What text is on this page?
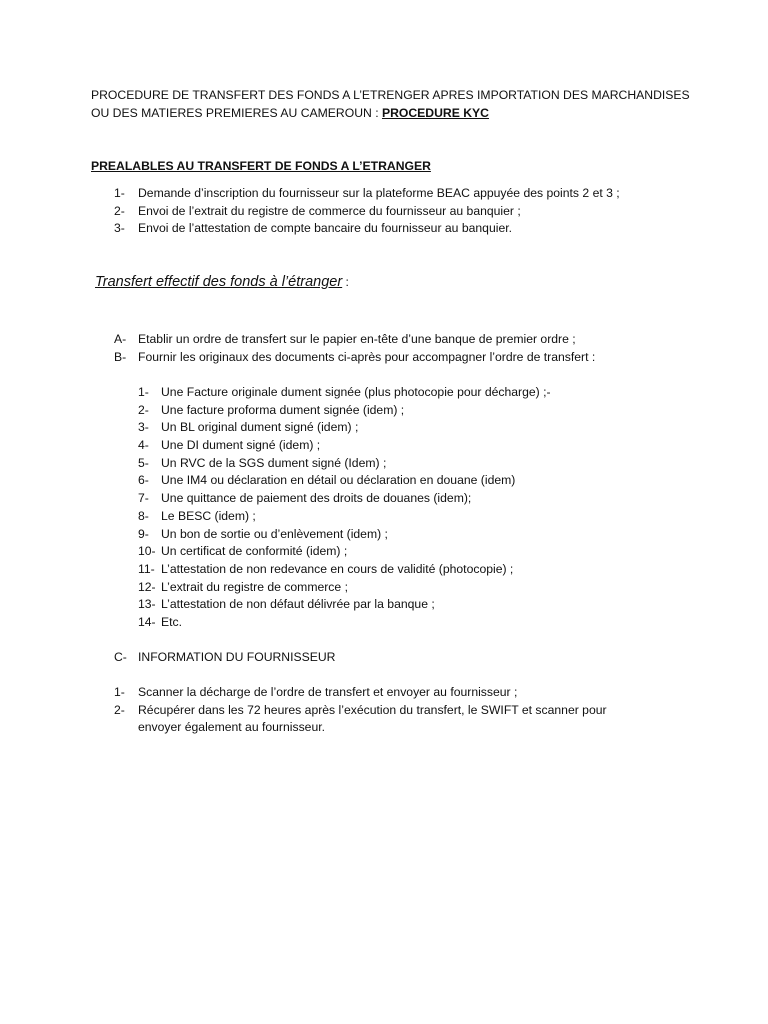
PROCEDURE DE TRANSFERT DES FONDS A L’ETRENGER APRES IMPORTATION DES MARCHANDISES
OU DES MATIERES PREMIERES AU CAMEROUN : PROCEDURE KYC
PREALABLES AU TRANSFERT DE FONDS A L’ETRANGER
1- Demande d’inscription du fournisseur sur la plateforme BEAC appuyée des points 2 et 3 ;
2- Envoi de l’extrait du registre de commerce du fournisseur au banquier ;
3- Envoi de l’attestation de compte bancaire du fournisseur au banquier.
Transfert effectif des fonds à l’étranger :
A- Etablir un ordre de transfert sur le papier en-tête d’une banque de premier ordre ;
B- Fournir les originaux des documents ci-après pour accompagner l’ordre de transfert :
1- Une Facture originale dument signée (plus photocopie pour décharge) ;-
2- Une facture proforma dument signée (idem) ;
3- Un BL original dument signé (idem) ;
4- Une DI dument signé (idem) ;
5- Un RVC de la SGS dument signé (Idem) ;
6- Une IM4 ou déclaration en détail ou déclaration en douane (idem)
7- Une quittance de paiement des droits de douanes (idem);
8- Le BESC (idem) ;
9- Un bon de sortie ou d’enlèvement (idem) ;
10- Un certificat de conformité (idem) ;
11- L’attestation de non redevance en cours de validité (photocopie) ;
12- L’extrait du registre de commerce ;
13- L’attestation de non défaut délivrée par la banque ;
14- Etc.
C- INFORMATION DU FOURNISSEUR
1- Scanner la décharge de l’ordre de transfert et envoyer au fournisseur ;
2- Récupérer dans les 72 heures après l’exécution du transfert, le SWIFT et scanner pour envoyer également au fournisseur.
